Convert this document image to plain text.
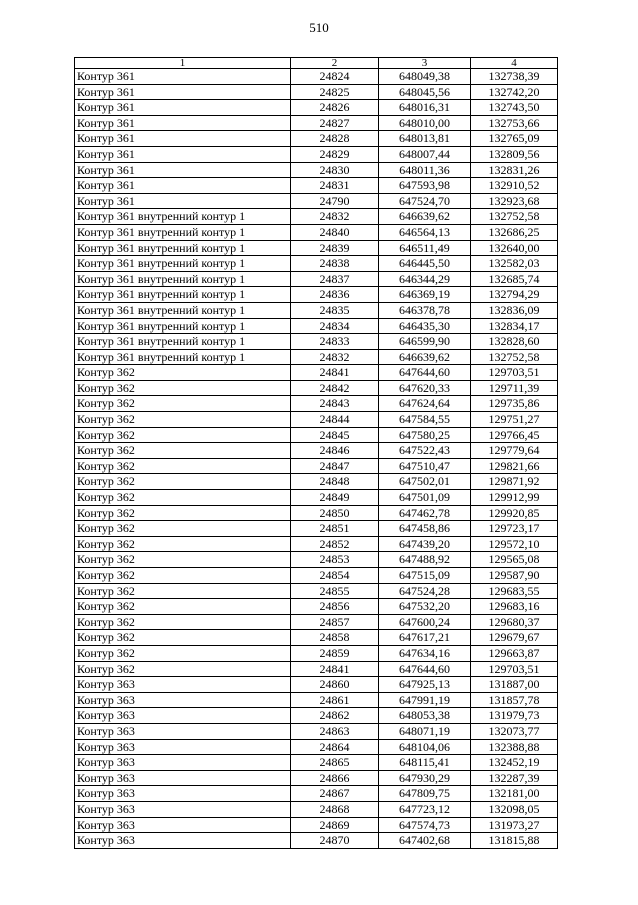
510
1	2	3	4
Контур 361	24824	648049,38	132738,39
Контур 361	24825	648045,56	132742,20
Контур 361	24826	648016,31	132743,50
Контур 361	24827	648010,00	132753,66
Контур 361	24828	648013,81	132765,09
Контур 361	24829	648007,44	132809,56
Контур 361	24830	648011,36	132831,26
Контур 361	24831	647593,98	132910,52
Контур 361	24790	647524,70	132923,68
Контур 361 внутренний контур 1	24832	646639,62	132752,58
Контур 361 внутренний контур 1	24840	646564,13	132686,25
Контур 361 внутренний контур 1	24839	646511,49	132640,00
Контур 361 внутренний контур 1	24838	646445,50	132582,03
Контур 361 внутренний контур 1	24837	646344,29	132685,74
Контур 361 внутренний контур 1	24836	646369,19	132794,29
Контур 361 внутренний контур 1	24835	646378,78	132836,09
Контур 361 внутренний контур 1	24834	646435,30	132834,17
Контур 361 внутренний контур 1	24833	646599,90	132828,60
Контур 361 внутренний контур 1	24832	646639,62	132752,58
Контур 362	24841	647644,60	129703,51
Контур 362	24842	647620,33	129711,39
Контур 362	24843	647624,64	129735,86
Контур 362	24844	647584,55	129751,27
Контур 362	24845	647580,25	129766,45
Контур 362	24846	647522,43	129779,64
Контур 362	24847	647510,47	129821,66
Контур 362	24848	647502,01	129871,92
Контур 362	24849	647501,09	129912,99
Контур 362	24850	647462,78	129920,85
Контур 362	24851	647458,86	129723,17
Контур 362	24852	647439,20	129572,10
Контур 362	24853	647488,92	129565,08
Контур 362	24854	647515,09	129587,90
Контур 362	24855	647524,28	129683,55
Контур 362	24856	647532,20	129683,16
Контур 362	24857	647600,24	129680,37
Контур 362	24858	647617,21	129679,67
Контур 362	24859	647634,16	129663,87
Контур 362	24841	647644,60	129703,51
Контур 363	24860	647925,13	131887,00
Контур 363	24861	647991,19	131857,78
Контур 363	24862	648053,38	131979,73
Контур 363	24863	648071,19	132073,77
Контур 363	24864	648104,06	132388,88
Контур 363	24865	648115,41	132452,19
Контур 363	24866	647930,29	132287,39
Контур 363	24867	647809,75	132181,00
Контур 363	24868	647723,12	132098,05
Контур 363	24869	647574,73	131973,27
Контур 363	24870	647402,68	131815,88
